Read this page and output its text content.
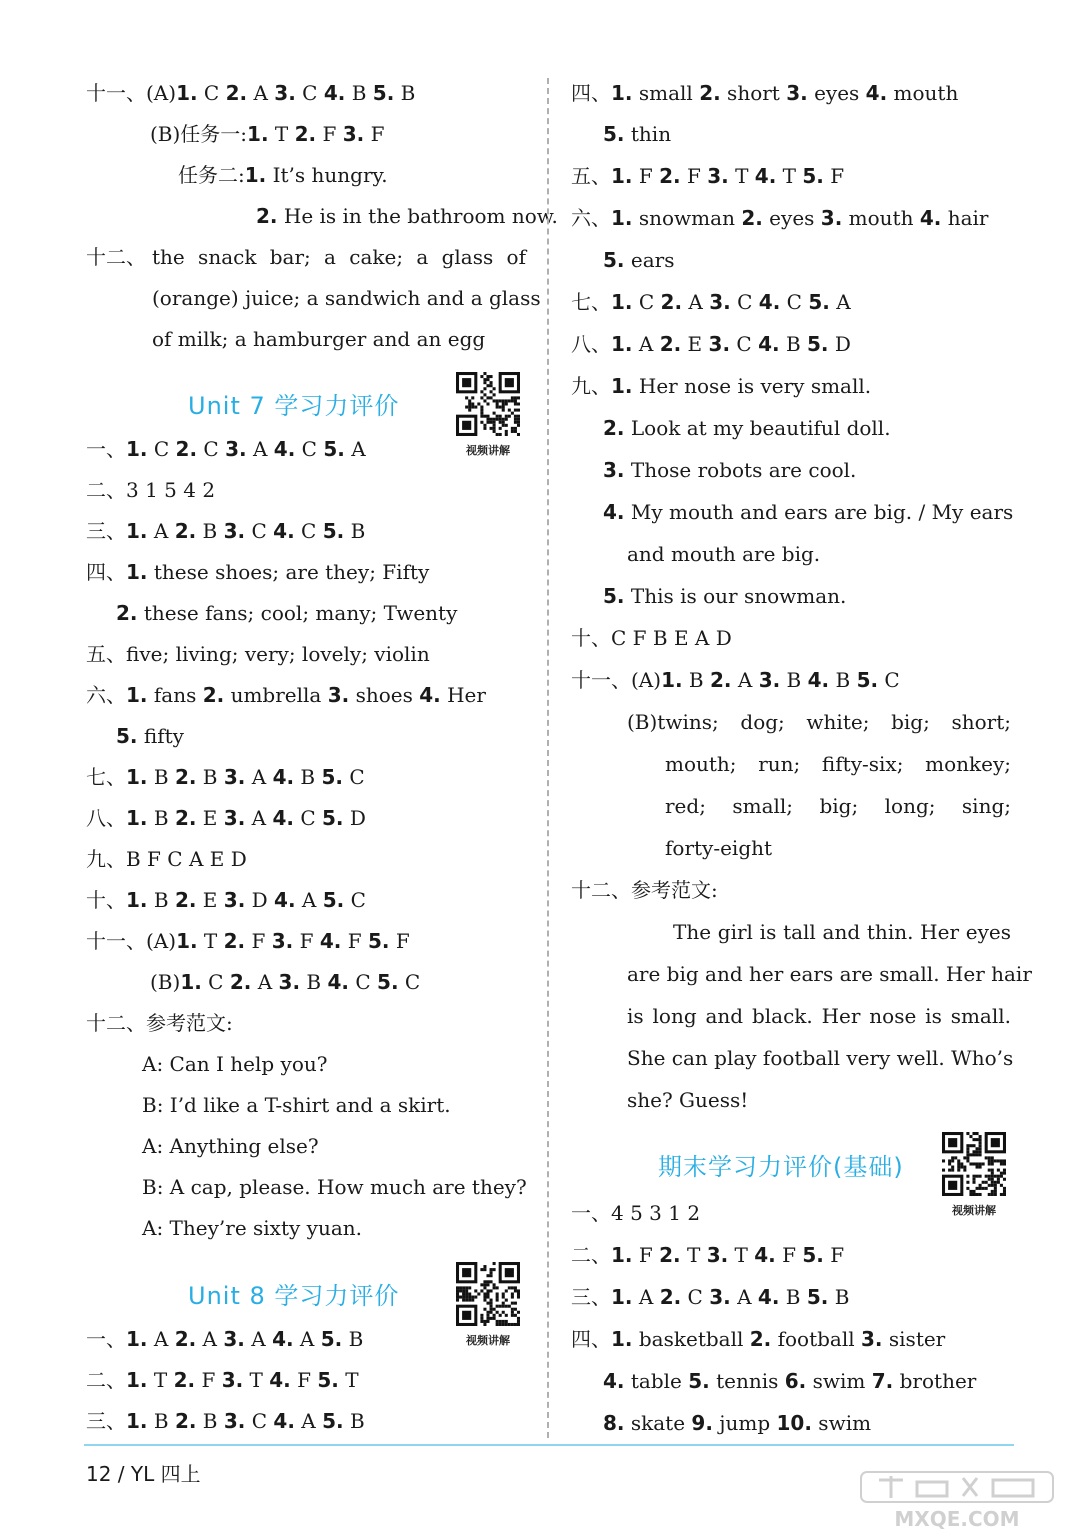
十一、(A)1. C 2. A 3. C 4. B 5. B
(B)任务一:1. T 2. F 3. F
任务二:1. It’s hungry.
2. He is in the bathroom now.
十二、 the snack bar; a cake; a glass of
(orange) juice; a sandwich and a glass
of milk; a hamburger and an egg
一、1. C 2. C 3. A 4. C 5. A
二、3 1 5 4 2
三、1. A 2. B 3. C 4. C 5. B
四、1. these shoes; are they; Fifty
2. these fans; cool; many; Twenty
五、five; living; very; lovely; violin
六、1. fans 2. umbrella 3. shoes 4. Her
5. fifty
七、1. B 2. B 3. A 4. B 5. C
八、1. B 2. E 3. A 4. C 5. D
九、B F C A E D
十、1. B 2. E 3. D 4. A 5. C
十一、(A)1. T 2. F 3. F 4. F 5. F
(B)1. C 2. A 3. B 4. C 5. C
十二、参考范文:
A: Can I help you?
B: I’d like a T-shirt and a skirt.
A: Anything else?
B: A cap, please. How much are they?
A: They’re sixty yuan.
一、1. A 2. A 3. A 4. A 5. B
二、1. T 2. F 3. T 4. F 5. T
三、1. B 2. B 3. C 4. A 5. B
四、1. small 2. short 3. eyes 4. mouth
5. thin
五、1. F 2. F 3. T 4. T 5. F
六、1. snowman 2. eyes 3. mouth 4. hair
5. ears
七、1. C 2. A 3. C 4. C 5. A
八、1. A 2. E 3. C 4. B 5. D
九、1. Her nose is very small.
2. Look at my beautiful doll.
3. Those robots are cool.
4. My mouth and ears are big. / My ears
and mouth are big.
5. This is our snowman.
十、C F B E A D
十一、(A)1. B 2. A 3. B 4. B 5. C
(B)twins; dog; white; big; short;
mouth; run; fifty-six; monkey;
red; small; big; long; sing;
forty-eight
十二、参考范文:
The girl is tall and thin. Her eyes
are big and her ears are small. Her hair
is long and black. Her nose is small.
She can play football very well. Who’s
she? Guess!
一、4 5 3 1 2
二、1. F 2. T 3. T 4. F 5. F
三、1. A 2. C 3. A 4. B 5. B
四、1. basketball 2. football 3. sister
4. table 5. tennis 6. swim 7. brother
8. skate 9. jump 10. swim
Unit 7 学习力评价
视频讲解
Unit 8 学习力评价
视频讲解
期末学习力评价(基础)
视频讲解
12 / YL 四上
MXQE.COM
